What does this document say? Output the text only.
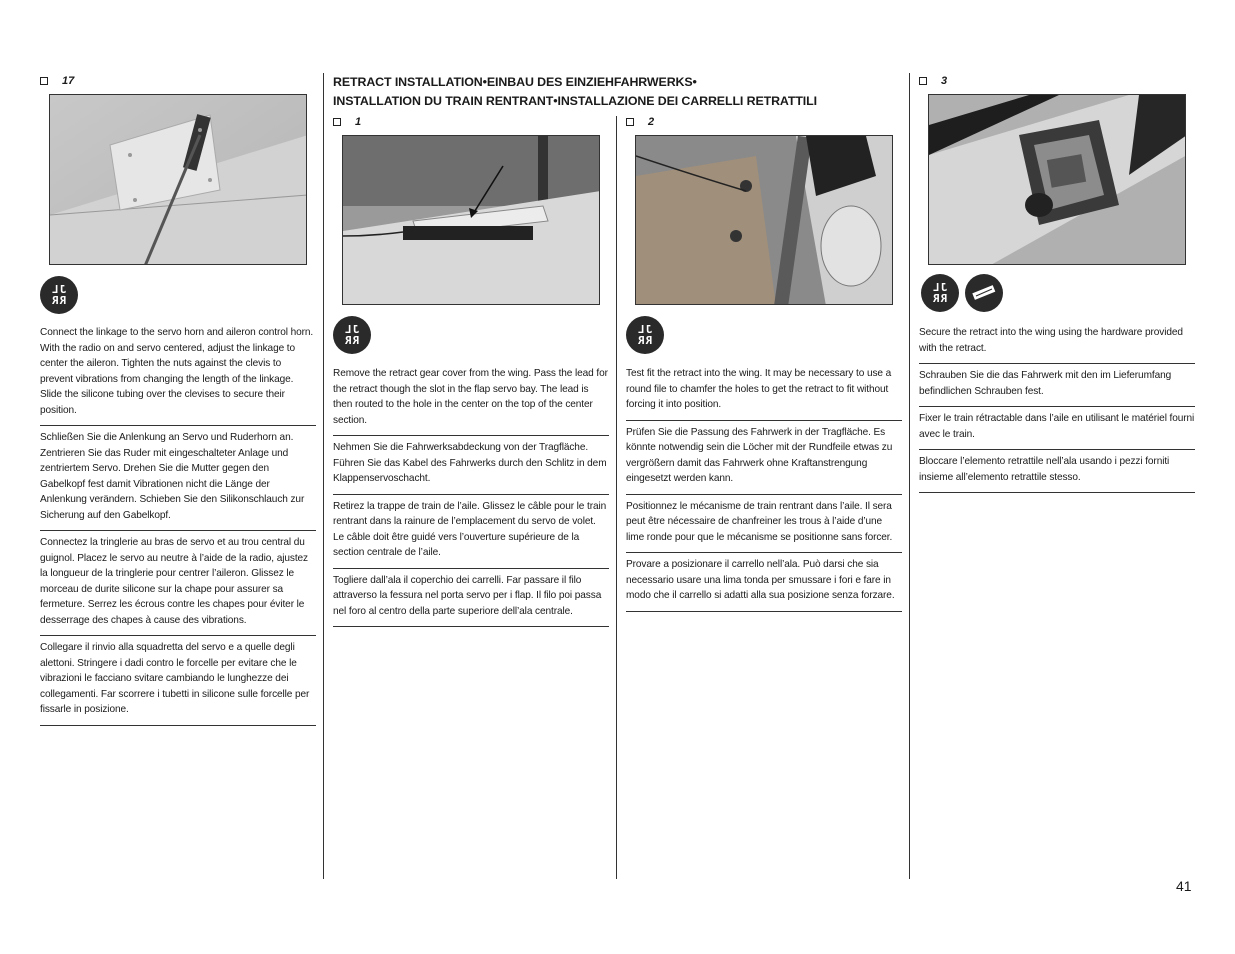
17
JL
RR

Connect the linkage to the servo horn and aileron control horn. With the radio on and servo centered, adjust the linkage to center the aileron. Tighten the nuts against the clevis to prevent vibrations from changing the length of the linkage. Slide the silicone tubing over the clevises to secure their position.

Schließen Sie die Anlenkung an Servo und Ruderhorn an. Zentrieren Sie das Ruder mit eingeschalteter Anlage und zentriertem Servo. Drehen Sie die Mutter gegen den Gabelkopf fest damit Vibrationen nicht die Länge der Anlenkung verändern. Schieben Sie den Silikonschlauch zur Sicherung auf den Gabelkopf.

Connectez la tringlerie au bras de servo et au trou central du guignol. Placez le servo au neutre à l’aide de la radio, ajustez la longueur de la tringlerie pour centrer l’aileron. Glissez le morceau de durite silicone sur la chape pour assurer sa fermeture. Serrez les écrous contre les chapes pour éviter le desserrage des chapes à cause des vibrations.

Collegare il rinvio alla squadretta del servo e a quelle degli alettoni. Stringere i dadi contro le forcelle per evitare che le vibrazioni le facciano svitare cambiando le lunghezze dei collegamenti. Far scorrere i tubetti in silicone sulle forcelle per fissarle in posizione.

RETRACT INSTALLATION•EINBAU DES EINZIEHFAHRWERKS•
INSTALLATION DU TRAIN RENTRANT•INSTALLAZIONE DEI CARRELLI RETRATTILI
1
JL
RR

Remove the retract gear cover from the wing. Pass the lead for the retract though the slot in the flap servo bay. The lead is then routed to the hole in the center on the top of the center section.

Nehmen Sie die Fahrwerksabdeckung von der Tragfläche. Führen Sie das Kabel des Fahrwerks durch den Schlitz in dem Klappenservoschacht.

Retirez la trappe de train de l’aile. Glissez le câble pour le train rentrant dans la rainure de l’emplacement du servo de volet. Le câble doit être guidé vers l’ouverture supérieure de la section centrale de l’aile.

Togliere dall’ala il coperchio dei carrelli. Far passare il filo attraverso la fessura nel porta servo per i flap. Il filo poi passa nel foro al centro della parte superiore dell’ala centrale.

2
JL
RR

Test fit the retract into the wing. It may be necessary to use a round file to chamfer the holes to get the retract to fit without forcing it into position.

Prüfen Sie die Passung des Fahrwerk in der Tragfläche. Es könnte notwendig sein die Löcher mit der Rundfeile etwas zu vergrößern damit das Fahrwerk ohne Kraftanstrengung eingesetzt werden kann.

Positionnez le mécanisme de train rentrant dans l’aile. Il sera peut être nécessaire de chanfreiner les trous à l’aide d’une lime ronde pour que le mécanisme se positionne sans forcer.

Provare a posizionare il carrello nell’ala. Può darsi che sia necessario usare una lima tonda per smussare i fori e fare in modo che il carrello si adatti alla sua posizione senza forzare.

3
JL
RR

Secure the retract into the wing using the hardware provided with the retract.

Schrauben Sie die das Fahrwerk mit den im Lieferumfang befindlichen Schrauben fest.

Fixer le train rétractable dans l’aile en utilisant le matériel fourni avec le train.

Bloccare l’elemento retrattile nell’ala usando i pezzi forniti insieme all’elemento retrattile stesso.

41
